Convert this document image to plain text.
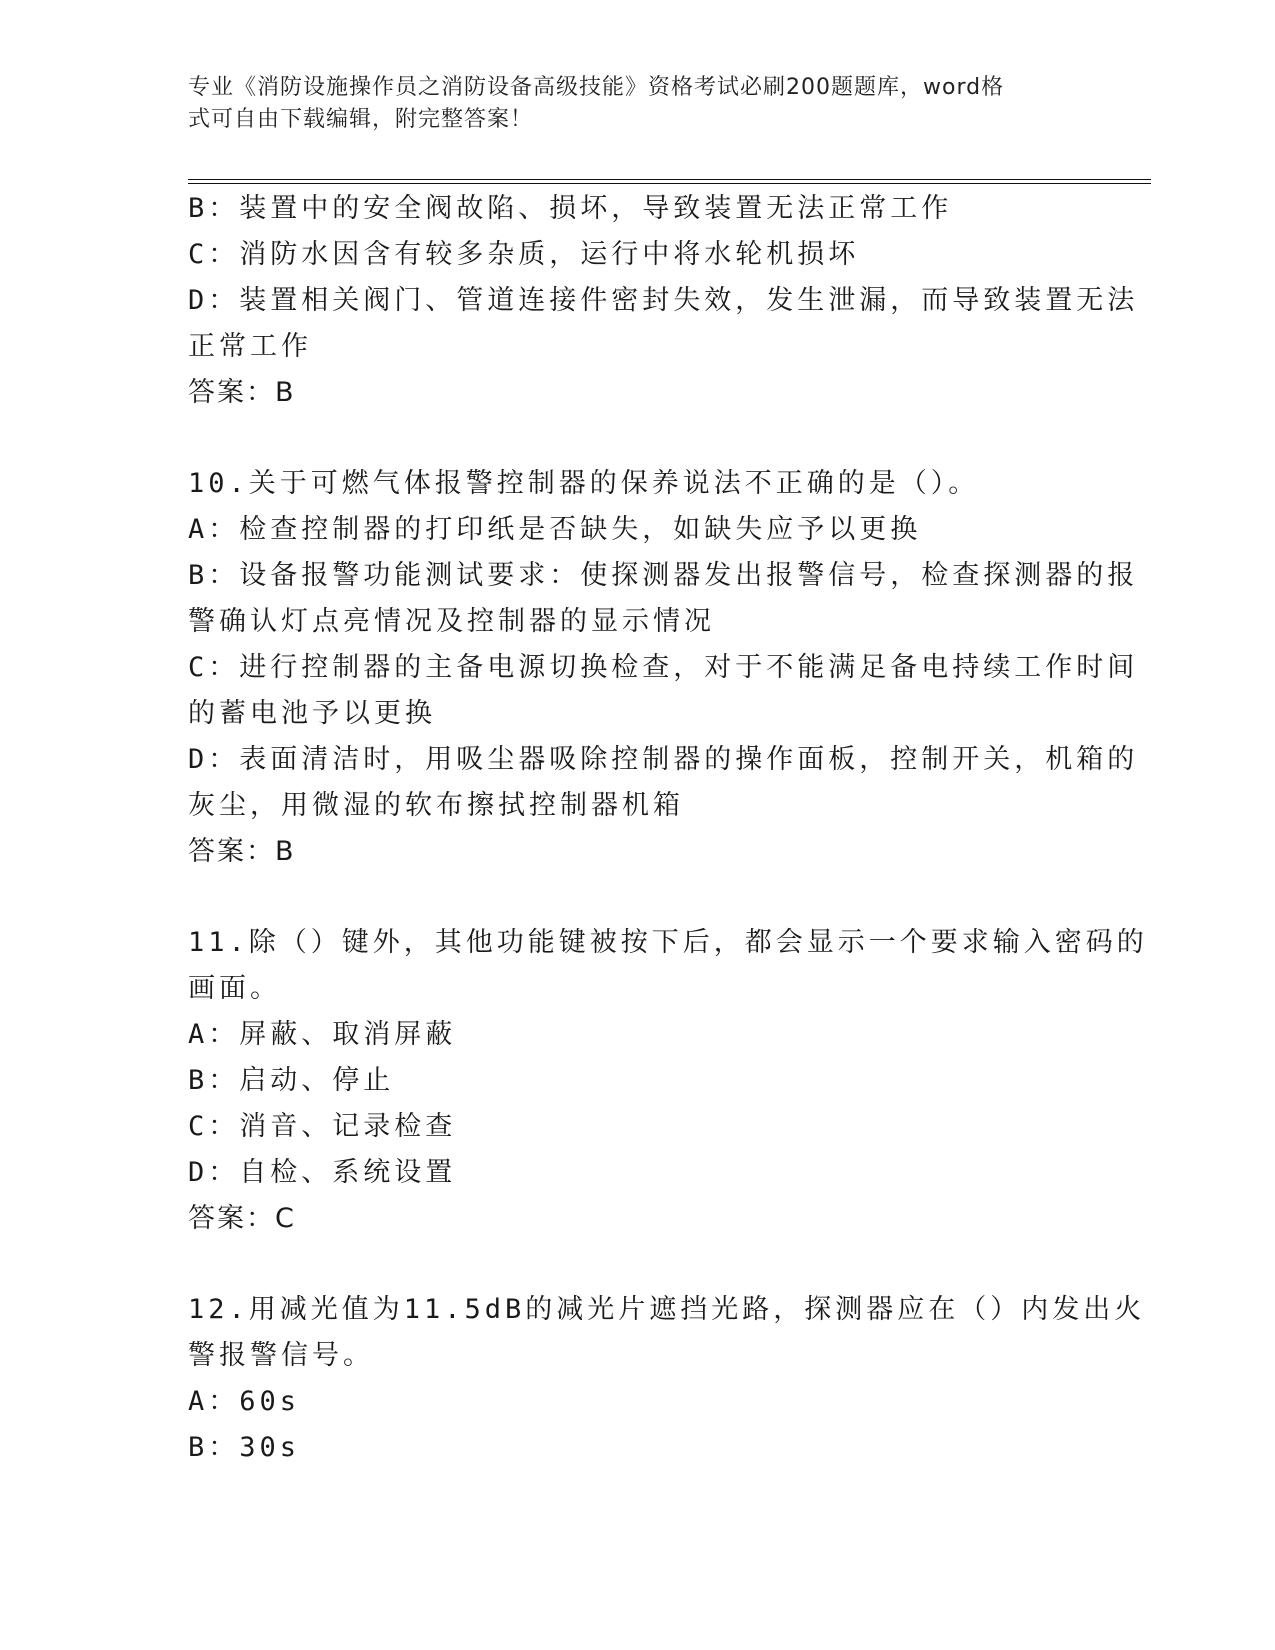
专业《消防设施操作员之消防设备高级技能》资格考试必刷200题题库，word格
式可自由下载编辑，附完整答案！
B：装置中的安全阀故陷、损坏，导致装置无法正常工作
C：消防水因含有较多杂质，运行中将水轮机损坏
D：装置相关阀门、管道连接件密封失效，发生泄漏，而导致装置无法
正常工作
答案：B
10.关于可燃气体报警控制器的保养说法不正确的是（）。
A：检查控制器的打印纸是否缺失，如缺失应予以更换
B：设备报警功能测试要求：使探测器发出报警信号，检查探测器的报
警确认灯点亮情况及控制器的显示情况
C：进行控制器的主备电源切换检查，对于不能满足备电持续工作时间
的蓄电池予以更换
D：表面清洁时，用吸尘器吸除控制器的操作面板，控制开关，机箱的
灰尘，用微湿的软布擦拭控制器机箱
答案：B
11.除（）键外，其他功能键被按下后，都会显示一个要求输入密码的
画面。
A：屏蔽、取消屏蔽
B：启动、停止
C：消音、记录检查
D：自检、系统设置
答案：C
12.用减光值为11.5dB的减光片遮挡光路，探测器应在（）内发出火
警报警信号。
A：60s
B：30s
